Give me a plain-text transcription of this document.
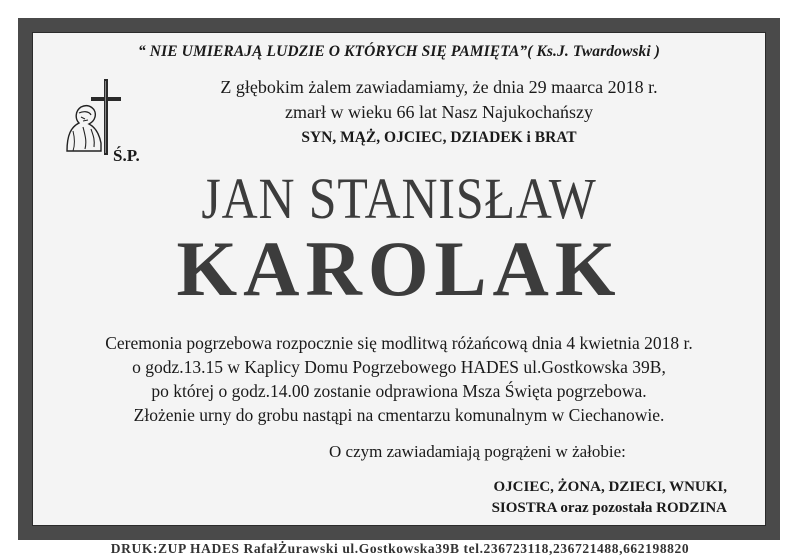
“ NIE UMIERAJĄ LUDZIE O KTÓRYCH SIĘ PAMIĘTA”( Ks.J. Twardowski )
Ś.P.
Z głębokim żalem zawiadamiamy, że dnia 29 maarca 2018 r.
zmarł w wieku 66 lat Nasz Najukochańszy
SYN, MĄŻ, OJCIEC, DZIADEK i BRAT
JAN STANISŁAW
KAROLAK
Ceremonia pogrzebowa rozpocznie się modlitwą różańcową dnia 4 kwietnia 2018 r.
o godz.13.15 w Kaplicy Domu Pogrzebowego HADES ul.Gostkowska 39B,
po której o godz.14.00 zostanie odprawiona Msza Święta pogrzebowa.
Złożenie urny do grobu nastąpi na cmentarzu komunalnym w Ciechanowie.
O czym zawiadamiają pogrążeni w żałobie:
OJCIEC, ŻONA, DZIECI, WNUKI,
SIOSTRA oraz pozostała RODZINA
DRUK:ZUP HADES RafałŻurawski ul.Gostkowska39B tel.236723118,236721488,662198820
